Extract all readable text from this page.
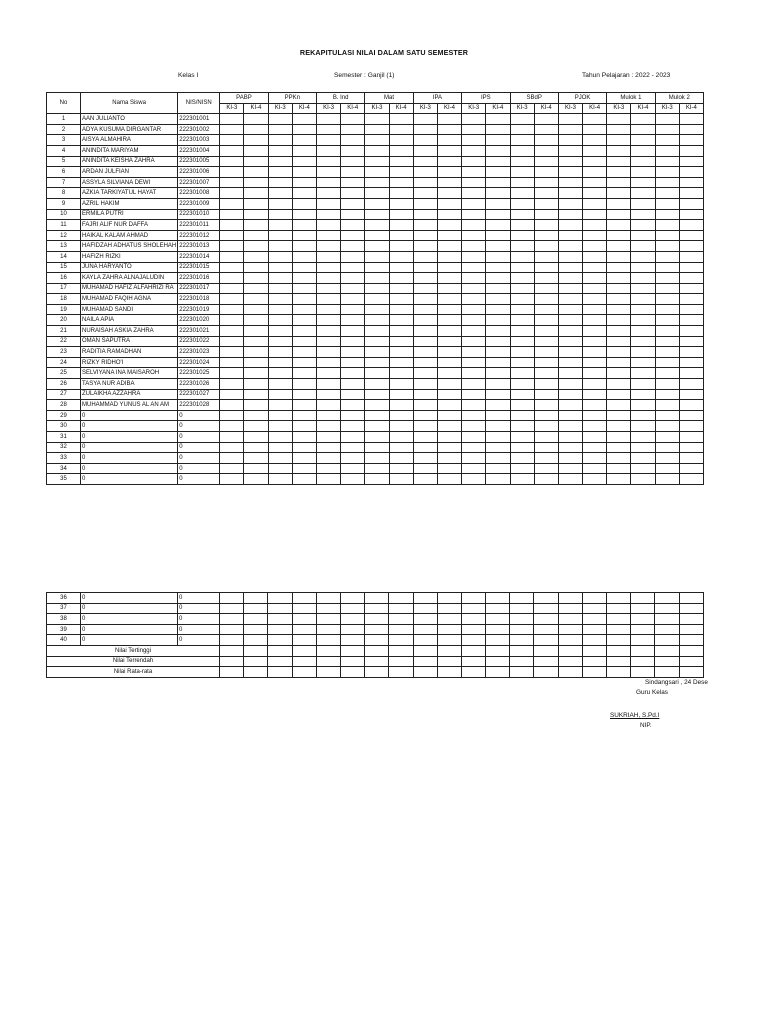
REKAPITULASI NILAI DALAM SATU SEMESTER
Kelas I	Semester : Ganjil (1)	Tahun Pelajaran : 2022 - 2023
No	Nama Siswa	NIS/NISN	PABP		PPKn		B. Ind		Mat		IPA		IPS		SBdP		PJOK		Mulok 1		Mulok 2	
			KI-3	KI-4	KI-3	KI-4	KI-3	KI-4	KI-3	KI-4	KI-3	KI-4	KI-3	KI-4	KI-3	KI-4	KI-3	KI-4	KI-3	KI-4	KI-3	KI-4
1	AAN JULIANTO	222301001																				
2	ADYA KUSUMA DIRGANTAR	222301002																				
3	AISYA ALMAHIRA	222301003																				
4	ANINDITA MARIYAM	222301004																				
5	ANINDITA KEISHA ZAHRA	222301005																				
6	ARDAN JULFIAN	222301006																				
7	ASSYLA SILVIANA DEWI	222301007																				
8	AZKIA TARKIYATUL HAYAT	222301008																				
9	AZRIL HAKIM	222301009																				
10	ERMILA PUTRI	222301010																				
11	FAJRI ALIF NUR DAFFA	222301011																				
12	HAIKAL KALAM AHMAD	222301012																				
13	HAFIDZAH ADHATUS SHOLEHAH	222301013																				
14	HAFIZH RIZKI	222301014																				
15	JUNA HARYANTO	222301015																				
16	KAYLA ZAHRA ALNAJALUDIN	222301016																				
17	MUHAMAD HAFIZ ALFAHRIZI RA	222301017																				
18	MUHAMAD FAQIH AGNA	222301018																				
19	MUHAMAD SANDI	222301019																				
20	NAILA APIA	222301020																				
21	NURAISAH ASKIA ZAHRA	222301021																				
22	OMAN SAPUTRA	222301022																				
23	RADITIA RAMADHAN	222301023																				
24	RIZKY RIDHO'I	222301024																				
25	SELVIYANA INA MAISAROH	222301025																				
26	TASYA NUR ADIBA	222301026																				
27	ZULAIKHA AZZAHRA	222301027																				
28	MUHAMMAD YUNUS AL AN AM	222301028																				
29	0	0																				
30	0	0																				
31	0	0																				
32	0	0																				
33	0	0																				
34	0	0																				
35	0	0																				
36	0	0																				
37	0	0																				
38	0	0																				
39	0	0																				
40	0	0																				
Nilai Tertinggi																						
Nilai Terrendah																						
Nilai Rata-rata																						
Sindangsari , 24 Dese
Guru Kelas
SUKRIAH, S.Pd.I
NIP.
